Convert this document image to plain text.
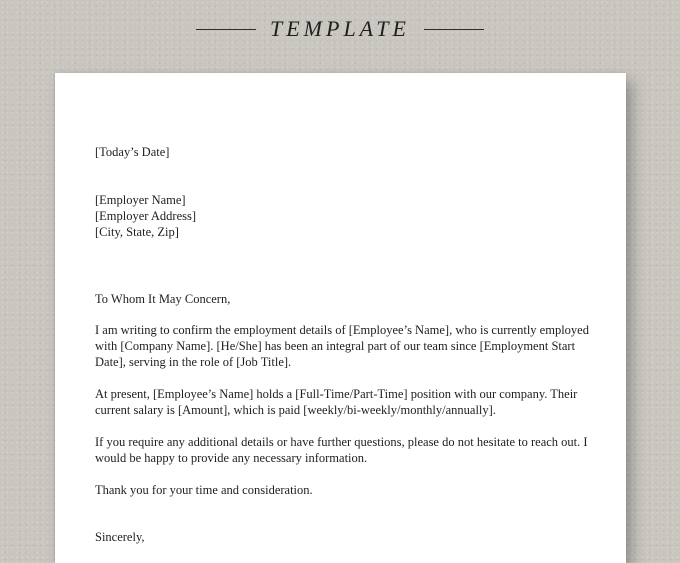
TEMPLATE

[Today’s Date]

[Employer Name]
[Employer Address]
[City, State, Zip]

To Whom It May Concern,

I am writing to confirm the employment details of [Employee’s Name], who is currently employed
with [Company Name]. [He/She] has been an integral part of our team since [Employment Start
Date], serving in the role of [Job Title].

At present, [Employee’s Name] holds a [Full-Time/Part-Time] position with our company. Their
current salary is [Amount], which is paid [weekly/bi-weekly/monthly/annually].

If you require any additional details or have further questions, please do not hesitate to reach out. I
would be happy to provide any necessary information.

Thank you for your time and consideration.

Sincerely,
